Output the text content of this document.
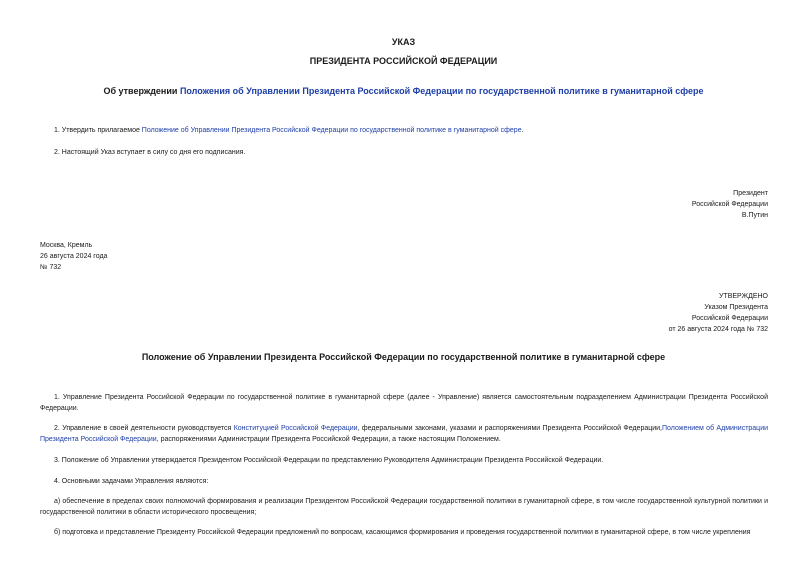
УКАЗ
ПРЕЗИДЕНТА РОССИЙСКОЙ ФЕДЕРАЦИИ
Об утверждении Положения об Управлении Президента Российской Федерации по государственной политике в гуманитарной сфере
1. Утвердить прилагаемое Положение об Управлении Президента Российской Федерации по государственной политике в гуманитарной сфере.
2. Настоящий Указ вступает в силу со дня его подписания.
Президент
Российской Федерации
В.Путин
Москва, Кремль
26 августа 2024 года
№ 732
УТВЕРЖДЕНО
Указом Президента
Российской Федерации
от 26 августа 2024 года № 732
Положение об Управлении Президента Российской Федерации по государственной политике в гуманитарной сфере
1. Управление Президента Российской Федерации по государственной политике в гуманитарной сфере (далее - Управление) является самостоятельным подразделением Администрации Президента Российской Федерации.
2. Управление в своей деятельности руководствуется Конституцией Российской Федерации, федеральными законами, указами и распоряжениями Президента Российской Федерации,Положением об Администрации Президента Российской Федерации, распоряжениями Администрации Президента Российской Федерации, а также настоящим Положением.
3. Положение об Управлении утверждается Президентом Российской Федерации по представлению Руководителя Администрации Президента Российской Федерации.
4. Основными задачами Управления являются:
а) обеспечение в пределах своих полномочий формирования и реализации Президентом Российской Федерации государственной политики в гуманитарной сфере, в том числе государственной культурной политики и государственной политики в области исторического просвещения;
б) подготовка и представление Президенту Российской Федерации предложений по вопросам, касающимся формирования и проведения государственной политики в гуманитарной сфере, в том числе укрепления
